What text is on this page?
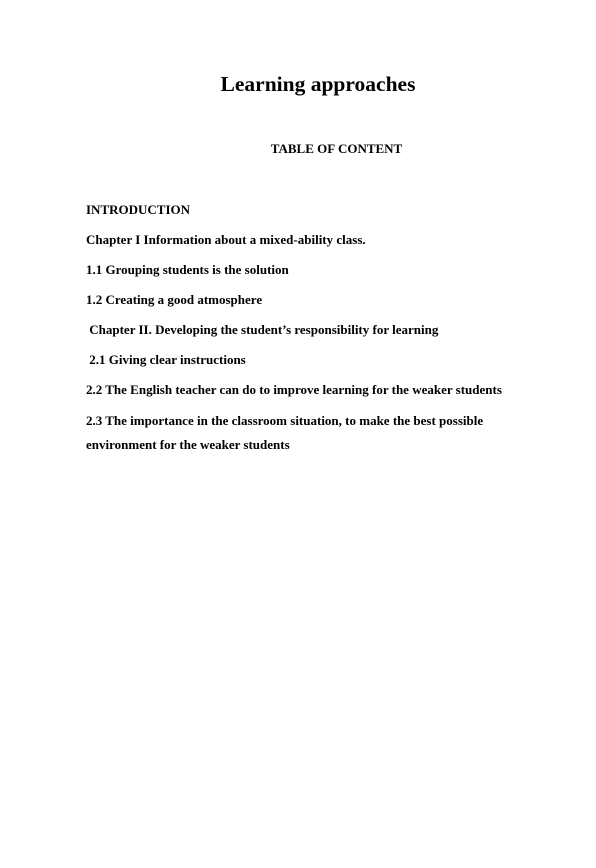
Learning approaches
TABLE OF CONTENT
INTRODUCTION
Chapter I Information about a mixed-ability class.
1.1 Grouping students is the solution
1.2 Creating a good atmosphere
Chapter II. Developing the student’s responsibility for learning
2.1 Giving clear instructions
2.2 The English teacher can do to improve learning for the weaker students
2.3 The importance in the classroom situation, to make the best possible environment for the weaker students
